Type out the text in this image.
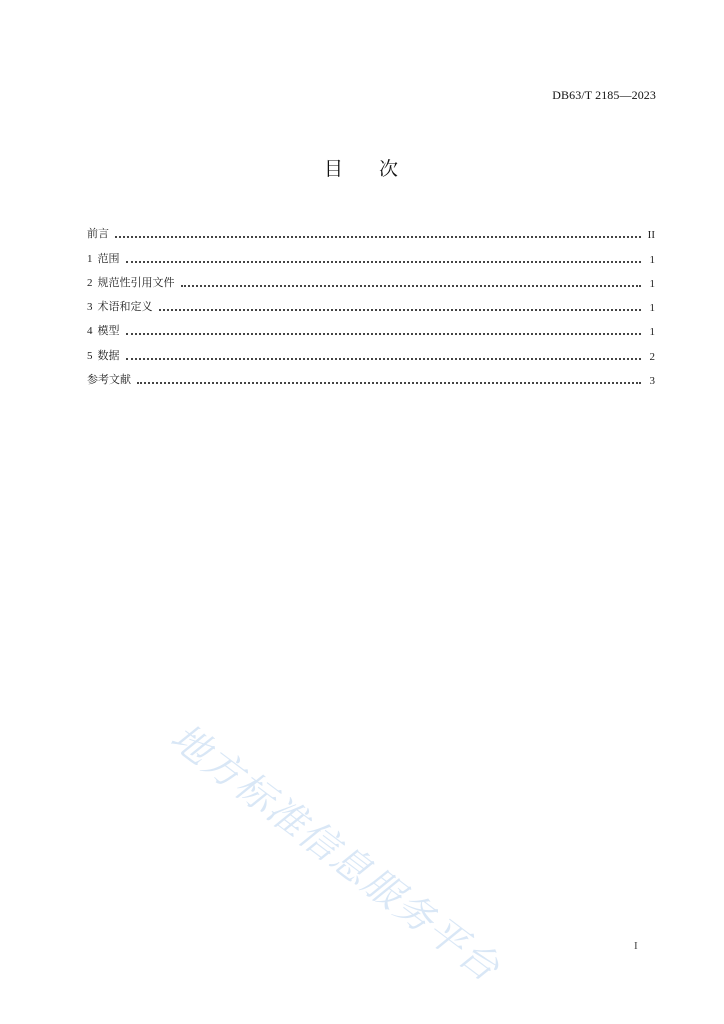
DB63/T 2185—2023
目 次
前言	II
1 范围	1
2 规范性引用文件	1
3 术语和定义	1
4 模型	1
5 数据	2
参考文献	3
地方标准信息服务平台	I
